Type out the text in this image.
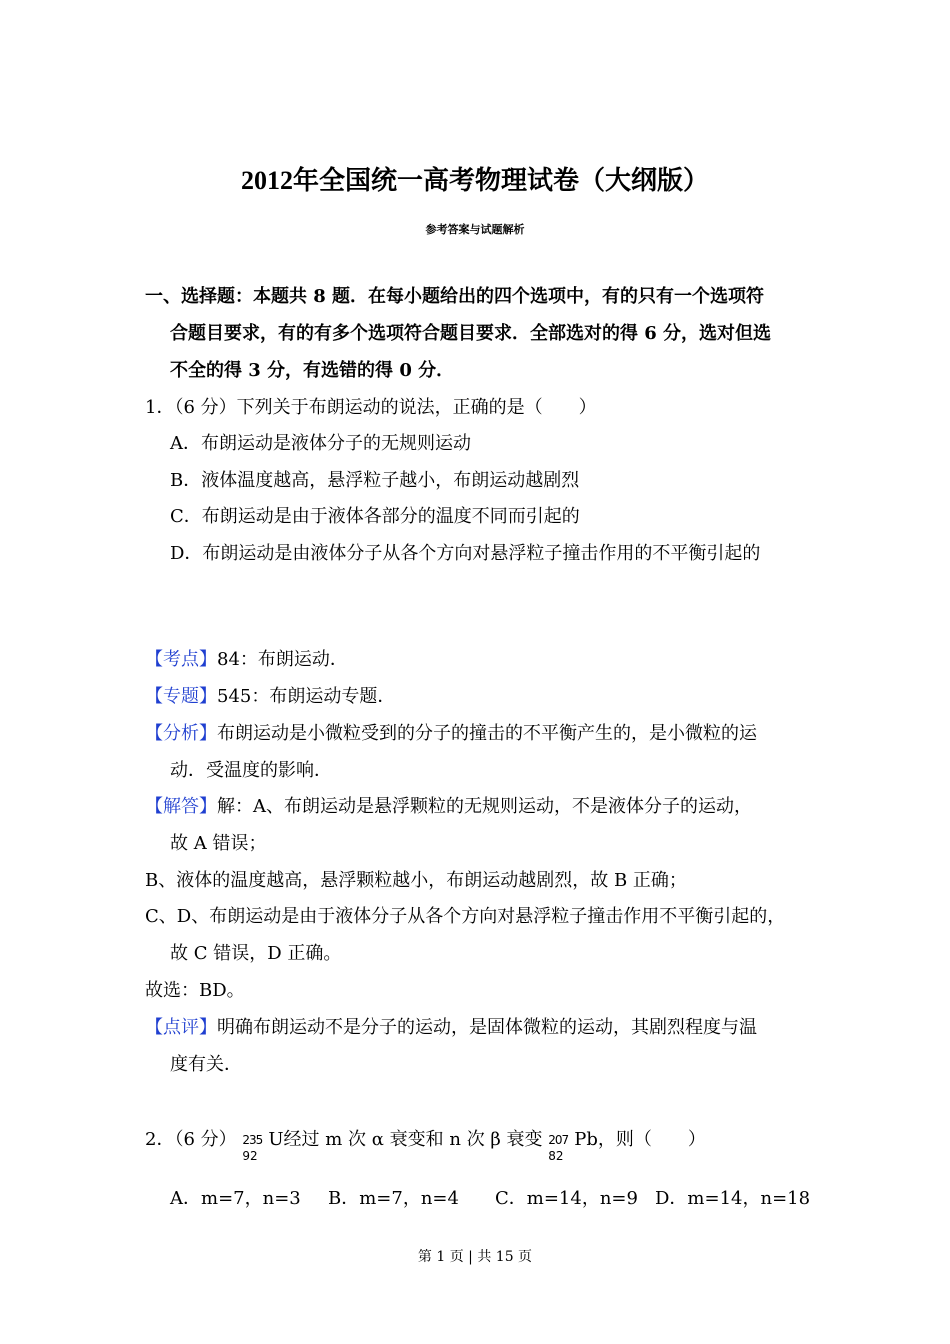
2012年全国统一高考物理试卷（大纲版）
参考答案与试题解析
一、选择题：本题共 8 题．在每小题给出的四个选项中，有的只有一个选项符
合题目要求，有的有多个选项符合题目要求．全部选对的得 6 分，选对但选
不全的得 3 分，有选错的得 0 分．
1．（6 分）下列关于布朗运动的说法，正确的是（　　）
A．布朗运动是液体分子的无规则运动
B．液体温度越高，悬浮粒子越小，布朗运动越剧烈
C．布朗运动是由于液体各部分的温度不同而引起的
D．布朗运动是由液体分子从各个方向对悬浮粒子撞击作用的不平衡引起的
【考点】84：布朗运动．
【专题】545：布朗运动专题．
【分析】布朗运动是小微粒受到的分子的撞击的不平衡产生的，是小微粒的运
动．受温度的影响．
【解答】解：A、布朗运动是悬浮颗粒的无规则运动，不是液体分子的运动，
故 A 错误；
B、液体的温度越高，悬浮颗粒越小，布朗运动越剧烈，故 B 正确；
C、D、布朗运动是由于液体分子从各个方向对悬浮粒子撞击作用不平衡引起的，
故 C 错误，D 正确。
故选：BD。
【点评】明确布朗运动不是分子的运动，是固体微粒的运动，其剧烈程度与温
度有关．
2．（6 分） 235
92
U经过 m 次 α 衰变和 n 次 β 衰变 207
82
Pb，则（　　）
A．m=7，n=3 B．m=7，n=4 C．m=14，n=9 D．m=14，n=18
第 1 页 | 共 15 页
